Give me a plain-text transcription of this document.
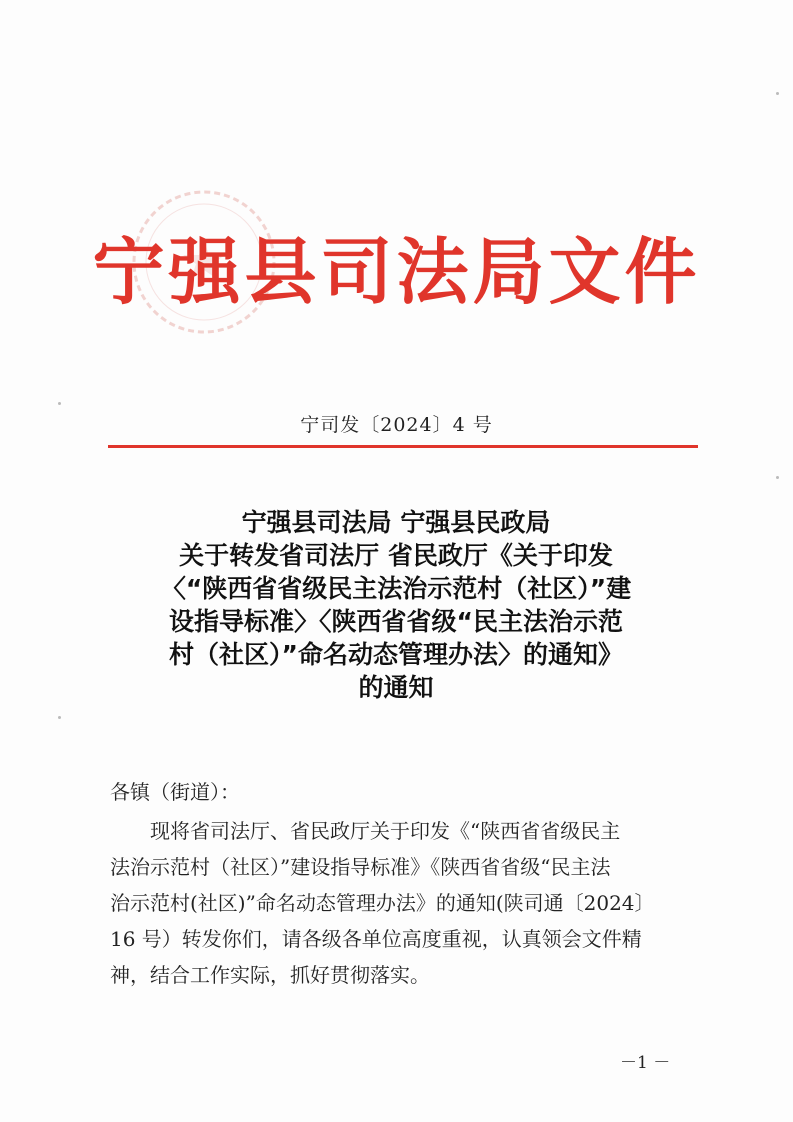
宁强县司法局文件
宁司发〔2024〕4 号
宁强县司法局 宁强县民政局
关于转发省司法厅 省民政厅《关于印发
〈“陕西省省级民主法治示范村（社区）”建
设指导标准〉〈陕西省省级“民主法治示范
村（社区）”命名动态管理办法〉的通知》
的通知
各镇（街道）：
现将省司法厅、省民政厅关于印发《“陕西省省级民主
法治示范村（社区）”建设指导标准》《陕西省省级“民主法
治示范村(社区)”命名动态管理办法》的通知(陕司通〔2024〕
16 号）转发你们，请各级各单位高度重视，认真领会文件精
神，结合工作实际，抓好贯彻落实。
－1 －
